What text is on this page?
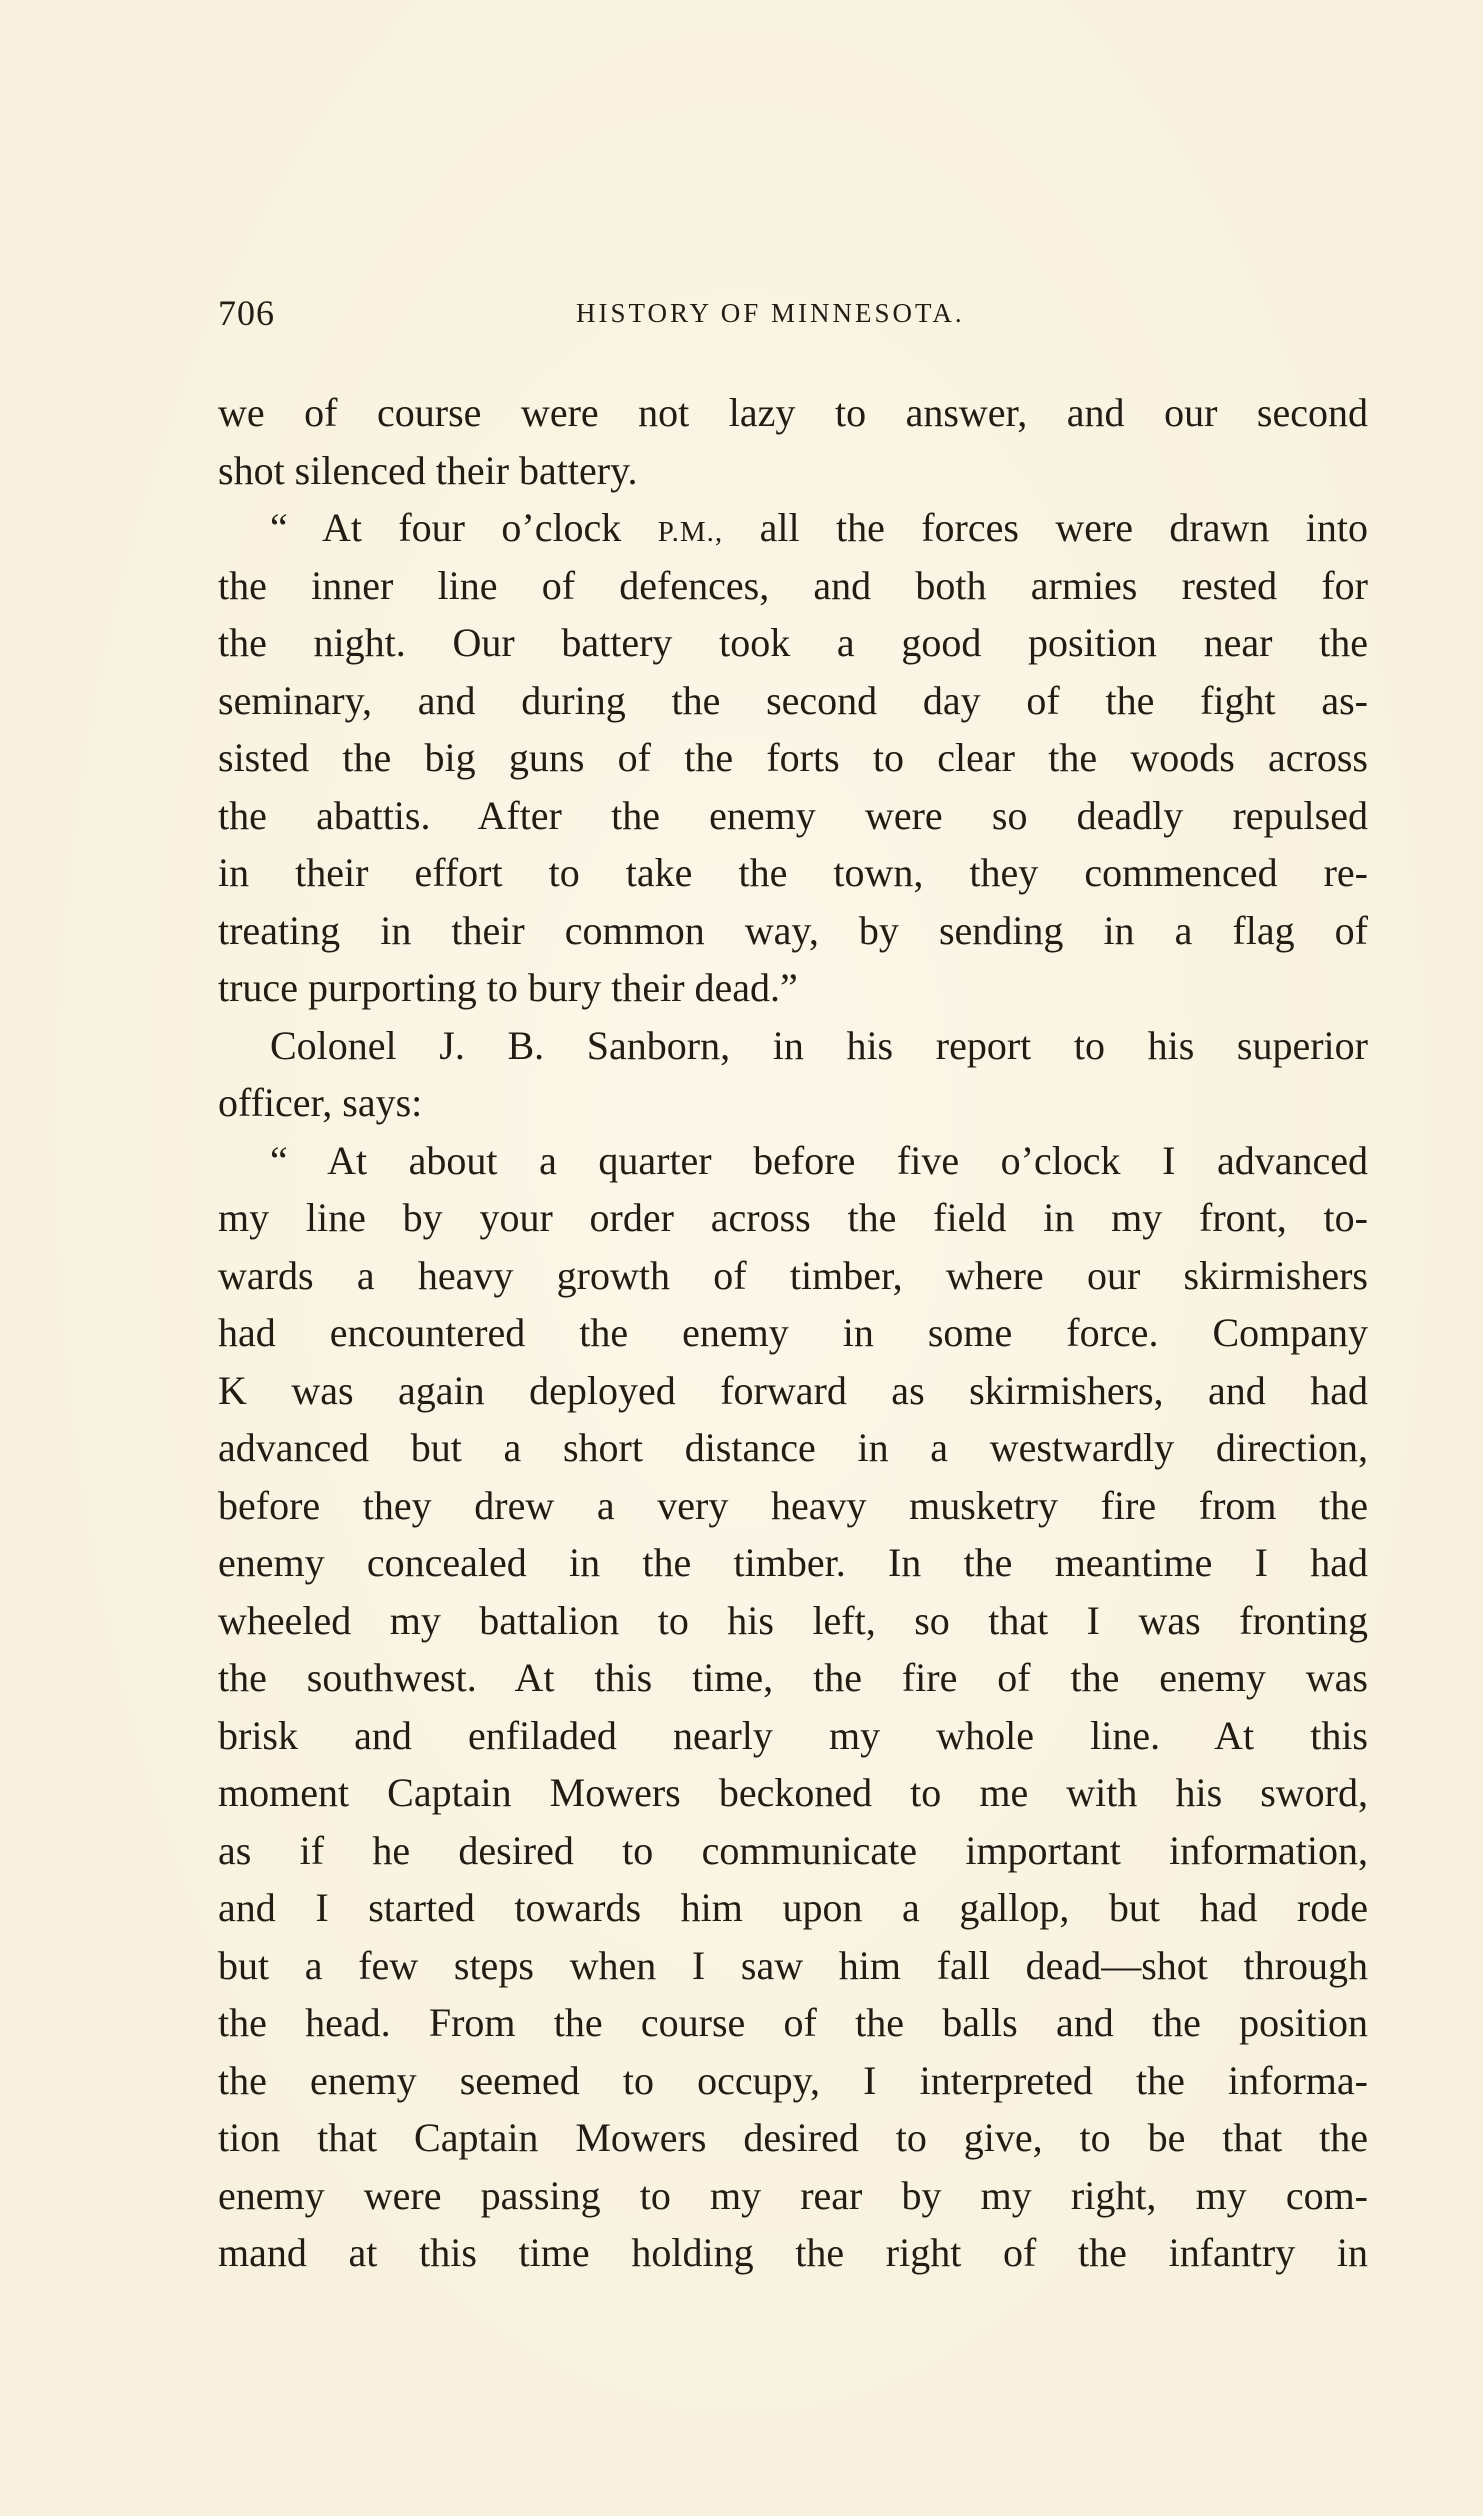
706	HISTORY OF MINNESOTA.
we of course were not lazy to answer, and our second
shot silenced their battery.
“ At four o’clock P.M., all the forces were drawn into
the inner line of defences, and both armies rested for
the night. Our battery took a good position near the
seminary, and during the second day of the fight as-
sisted the big guns of the forts to clear the woods across
the abattis. After the enemy were so deadly repulsed
in their effort to take the town, they commenced re-
treating in their common way, by sending in a flag of
truce purporting to bury their dead.”
Colonel J. B. Sanborn, in his report to his superior
officer, says:
“ At about a quarter before five o’clock I advanced
my line by your order across the field in my front, to-
wards a heavy growth of timber, where our skirmishers
had encountered the enemy in some force. Company
K was again deployed forward as skirmishers, and had
advanced but a short distance in a westwardly direction,
before they drew a very heavy musketry fire from the
enemy concealed in the timber. In the meantime I had
wheeled my battalion to his left, so that I was fronting
the southwest. At this time, the fire of the enemy was
brisk and enfiladed nearly my whole line. At this
moment Captain Mowers beckoned to me with his sword,
as if he desired to communicate important information,
and I started towards him upon a gallop, but had rode
but a few steps when I saw him fall dead—shot through
the head. From the course of the balls and the position
the enemy seemed to occupy, I interpreted the informa-
tion that Captain Mowers desired to give, to be that the
enemy were passing to my rear by my right, my com-
mand at this time holding the right of the infantry in
